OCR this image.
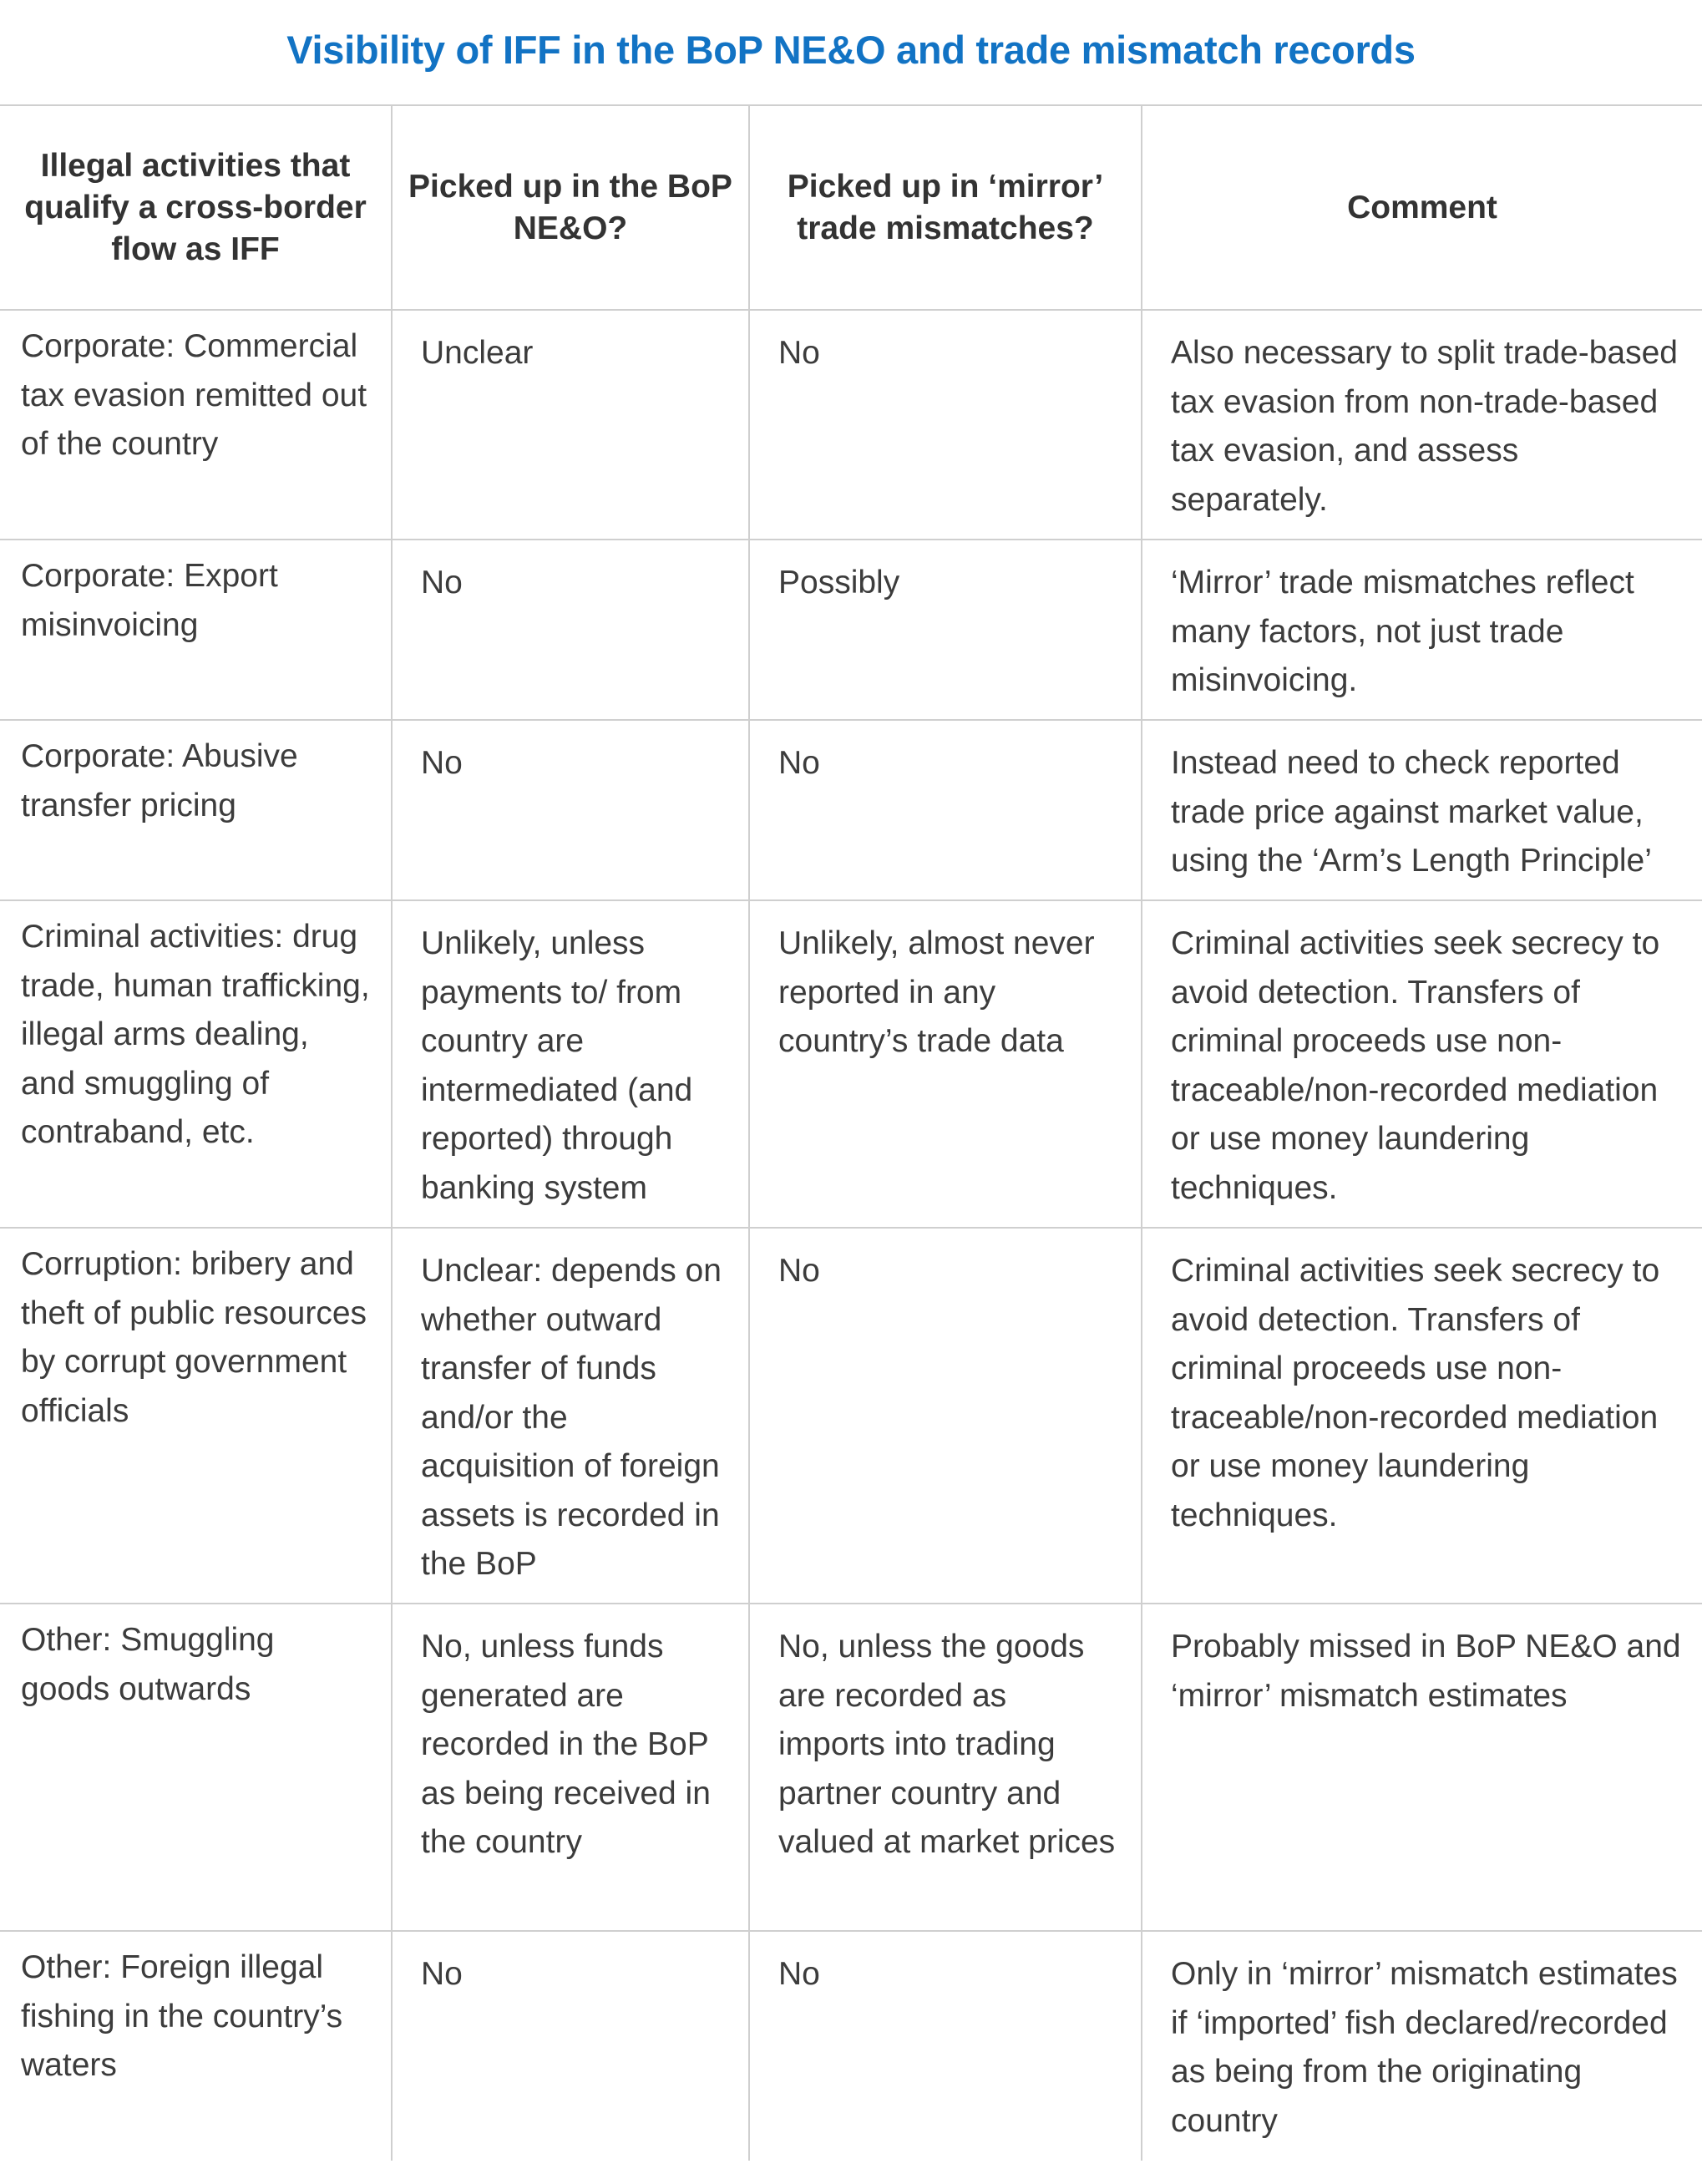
Visibility of IFF in the BoP NE&O and trade mismatch records
Illegal activities that qualify a cross-border flow as IFF	Picked up in the BoP NE&O?	Picked up in ‘mirror’ trade mismatches?	Comment
Corporate: Commercial tax evasion remitted out of the country	Unclear	No	Also necessary to split trade-based tax evasion from non-trade-based tax evasion, and assess separately.
Corporate: Export misinvoicing	No	Possibly	‘Mirror’ trade mismatches reflect many factors, not just trade misinvoicing.
Corporate: Abusive transfer pricing	No	No	Instead need to check reported trade price against market value, using the ‘Arm’s Length Principle’
Criminal activities: drug trade, human trafficking, illegal arms dealing, and smuggling of contraband, etc.	Unlikely, unless payments to/ from country are intermediated (and reported) through banking system	Unlikely, almost never reported in any country’s trade data	Criminal activities seek secrecy to avoid detection. Transfers of criminal proceeds use non-traceable/non-recorded mediation or use money laundering techniques.
Corruption: bribery and theft of public resources by corrupt government officials	Unclear: depends on whether outward transfer of funds and/or the acquisition of foreign assets is recorded in the BoP	No	Criminal activities seek secrecy to avoid detection. Transfers of criminal proceeds use non-traceable/non-recorded mediation or use money laundering techniques.
Other: Smuggling goods outwards	No, unless funds generated are recorded in the BoP as being received in the country	No, unless the goods are recorded as imports into trading partner country and valued at market prices	Probably missed in BoP NE&O and ‘mirror’ mismatch estimates
Other: Foreign illegal fishing in the country’s waters	No	No	Only in ‘mirror’ mismatch estimates if ‘imported’ fish declared/recorded as being from the originating country
